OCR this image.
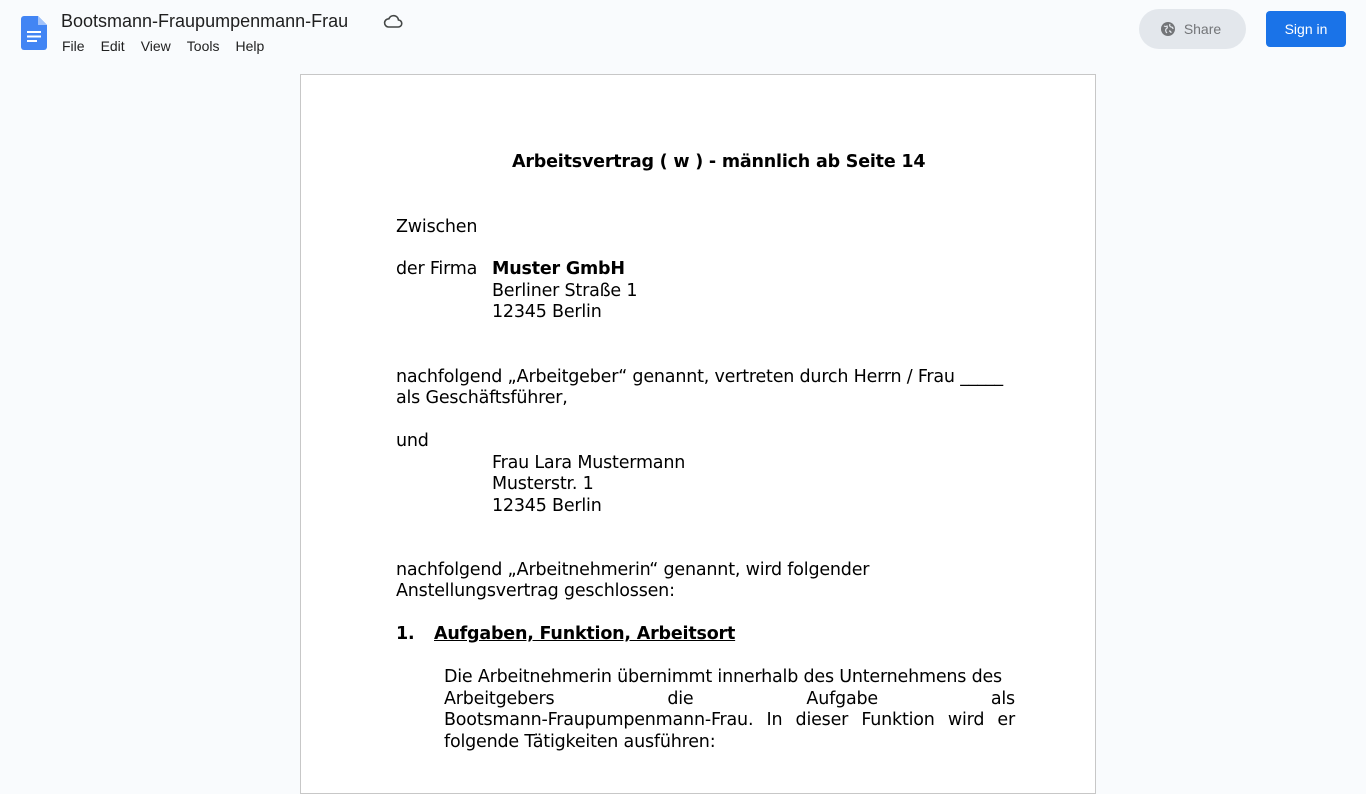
Bootsmann-Fraupumpenmann-Frau
File	Edit	View	Tools	Help
Share	Sign in
Arbeitsvertrag ( w ) - männlich ab Seite 14
Zwischen
der Firma Muster GmbH
Berliner Straße 1
12345 Berlin
nachfolgend „Arbeitgeber“ genannt, vertreten durch Herrn / Frau _____
als Geschäftsführer,
und
Frau Lara Mustermann
Musterstr. 1
12345 Berlin
nachfolgend „Arbeitnehmerin“ genannt, wird folgender
Anstellungsvertrag geschlossen:
1. Aufgaben, Funktion, Arbeitsort
Die Arbeitnehmerin übernimmt innerhalb des Unternehmens des
Arbeitgebers	die	Aufgabe	als
Bootsmann-Fraupumpenmann-Frau. In dieser Funktion wird er
folgende Tätigkeiten ausführen:
